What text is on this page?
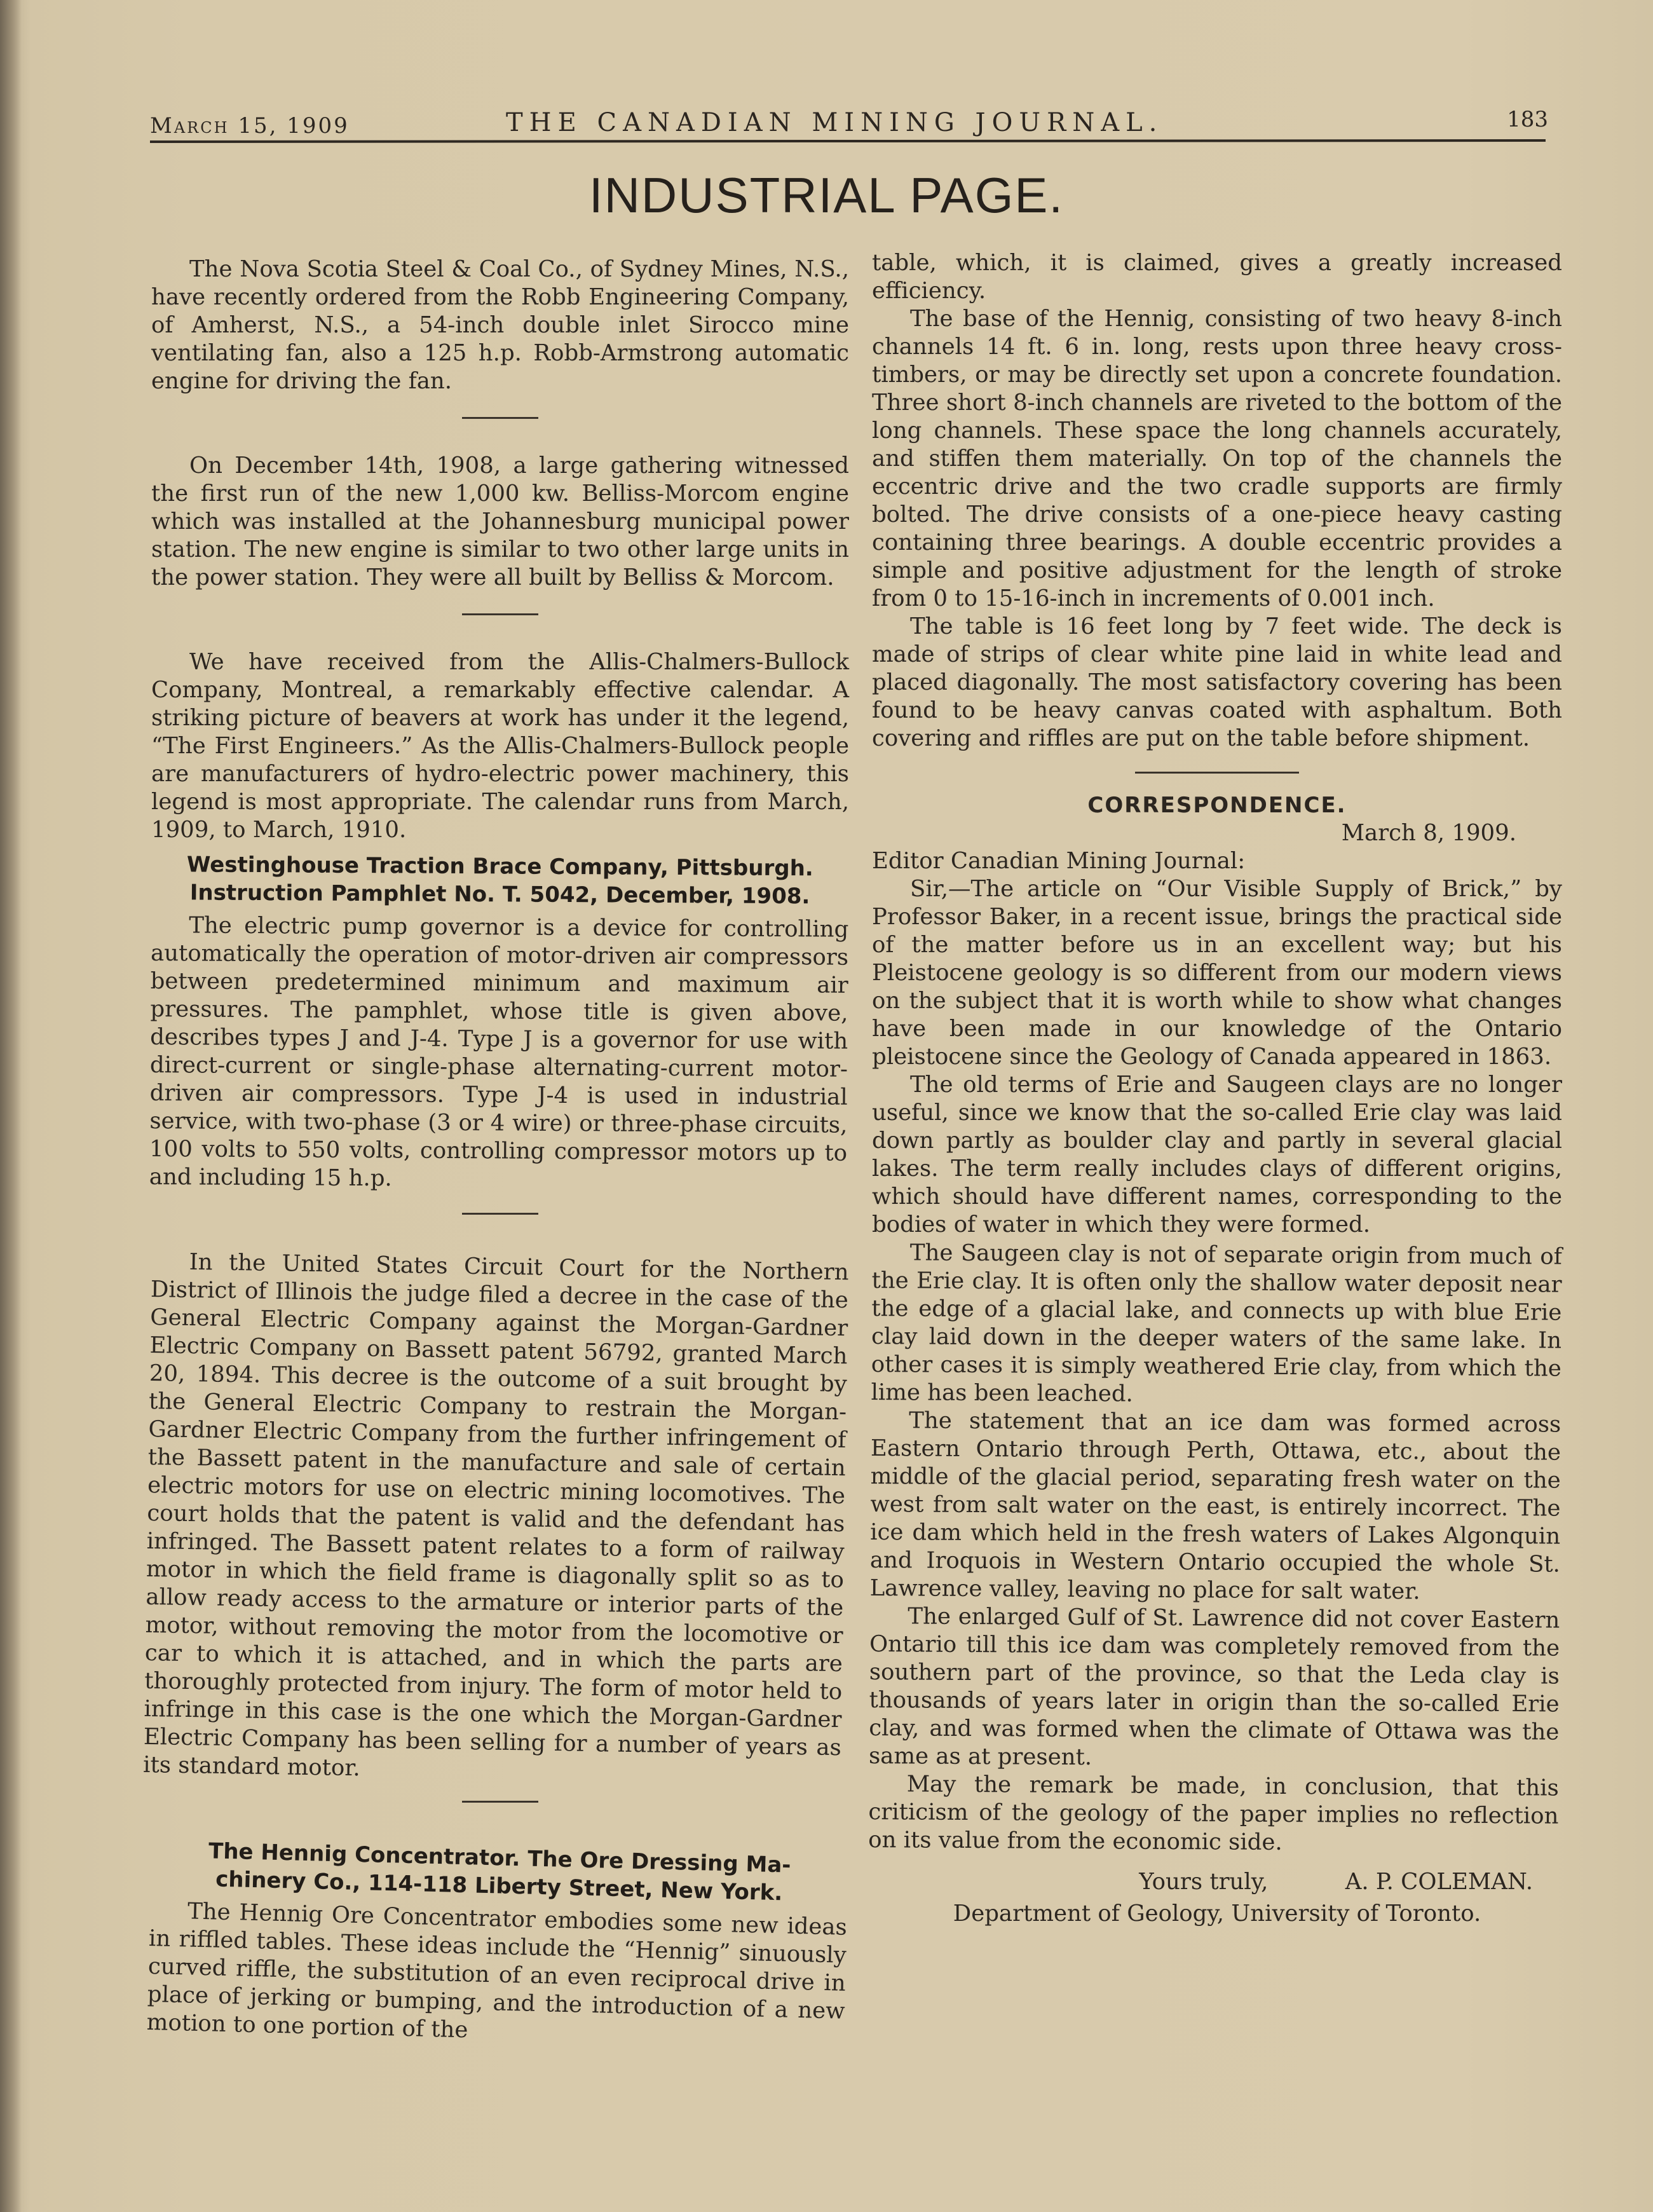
March 15, 1909	THE CANADIAN MINING JOURNAL.	183
INDUSTRIAL PAGE.

The Nova Scotia Steel & Coal Co., of Sydney Mines, N.S., have recently ordered from the Robb Engineering Company, of Amherst, N.S., a 54-inch double inlet Sirocco mine ventilating fan, also a 125 h.p. Robb-Armstrong automatic engine for driving the fan.

On December 14th, 1908, a large gathering witnessed the first run of the new 1,000 kw. Belliss-Morcom engine which was installed at the Johannesburg municipal power station. The new engine is similar to two other large units in the power station. They were all built by Belliss & Morcom.

We have received from the Allis-Chalmers-Bullock Company, Montreal, a remarkably effective calendar. A striking picture of beavers at work has under it the legend, “The First Engineers.” As the Allis-Chalmers-Bullock people are manufacturers of hydro-electric power machinery, this legend is most appropriate. The calendar runs from March, 1909, to March, 1910.

Westinghouse Traction Brace Company, Pittsburgh.
Instruction Pamphlet No. T. 5042, December, 1908.

The electric pump governor is a device for controlling automatically the operation of motor-driven air compressors between predetermined minimum and maximum air pressures. The pamphlet, whose title is given above, describes types J and J-4. Type J is a governor for use with direct-current or single-phase alternating-current motor-driven air compressors. Type J-4 is used in industrial service, with two-phase (3 or 4 wire) or three-phase circuits, 100 volts to 550 volts, controlling compressor motors up to and including 15 h.p.

In the United States Circuit Court for the Northern District of Illinois the judge filed a decree in the case of the General Electric Company against the Morgan-Gardner Electric Company on Bassett patent 56792, granted March 20, 1894. This decree is the outcome of a suit brought by the General Electric Company to restrain the Morgan-Gardner Electric Company from the further infringement of the Bassett patent in the manufacture and sale of certain electric motors for use on electric mining locomotives. The court holds that the patent is valid and the defendant has infringed. The Bassett patent relates to a form of railway motor in which the field frame is diagonally split so as to allow ready access to the armature or interior parts of the motor, without removing the motor from the locomotive or car to which it is attached, and in which the parts are thoroughly protected from injury. The form of motor held to infringe in this case is the one which the Morgan-Gardner Electric Company has been selling for a number of years as its standard motor.

The Hennig Concentrator. The Ore Dressing Ma-
chinery Co., 114-118 Liberty Street, New York.

The Hennig Ore Concentrator embodies some new ideas in riffled tables. These ideas include the “Hennig” sinuously curved riffle, the substitution of an even reciprocal drive in place of jerking or bumping, and the introduction of a new motion to one portion of the

table, which, it is claimed, gives a greatly increased efficiency.

The base of the Hennig, consisting of two heavy 8-inch channels 14 ft. 6 in. long, rests upon three heavy cross-timbers, or may be directly set upon a concrete foundation. Three short 8-inch channels are riveted to the bottom of the long channels. These space the long channels accurately, and stiffen them materially. On top of the channels the eccentric drive and the two cradle supports are firmly bolted. The drive consists of a one-piece heavy casting containing three bearings. A double eccentric provides a simple and positive adjustment for the length of stroke from 0 to 15-16-inch in increments of 0.001 inch.

The table is 16 feet long by 7 feet wide. The deck is made of strips of clear white pine laid in white lead and placed diagonally. The most satisfactory covering has been found to be heavy canvas coated with asphaltum. Both covering and riffles are put on the table before shipment.

CORRESPONDENCE.

March 8, 1909.

Editor Canadian Mining Journal:

Sir,—The article on “Our Visible Supply of Brick,” by Professor Baker, in a recent issue, brings the practical side of the matter before us in an excellent way; but his Pleistocene geology is so different from our modern views on the subject that it is worth while to show what changes have been made in our knowledge of the Ontario pleistocene since the Geology of Canada appeared in 1863.

The old terms of Erie and Saugeen clays are no longer useful, since we know that the so-called Erie clay was laid down partly as boulder clay and partly in several glacial lakes. The term really includes clays of different origins, which should have different names, corresponding to the bodies of water in which they were formed.

The Saugeen clay is not of separate origin from much of the Erie clay. It is often only the shallow water deposit near the edge of a glacial lake, and connects up with blue Erie clay laid down in the deeper waters of the same lake. In other cases it is simply weathered Erie clay, from which the lime has been leached.

The statement that an ice dam was formed across Eastern Ontario through Perth, Ottawa, etc., about the middle of the glacial period, separating fresh water on the west from salt water on the east, is entirely incorrect. The ice dam which held in the fresh waters of Lakes Algonquin and Iroquois in Western Ontario occupied the whole St. Lawrence valley, leaving no place for salt water.

The enlarged Gulf of St. Lawrence did not cover Eastern Ontario till this ice dam was completely removed from the southern part of the province, so that the Leda clay is thousands of years later in origin than the so-called Erie clay, and was formed when the climate of Ottawa was the same as at present.

May the remark be made, in conclusion, that this criticism of the geology of the paper implies no reflection on its value from the economic side.

Yours truly,	A. P. COLEMAN.
Department of Geology, University of Toronto.
